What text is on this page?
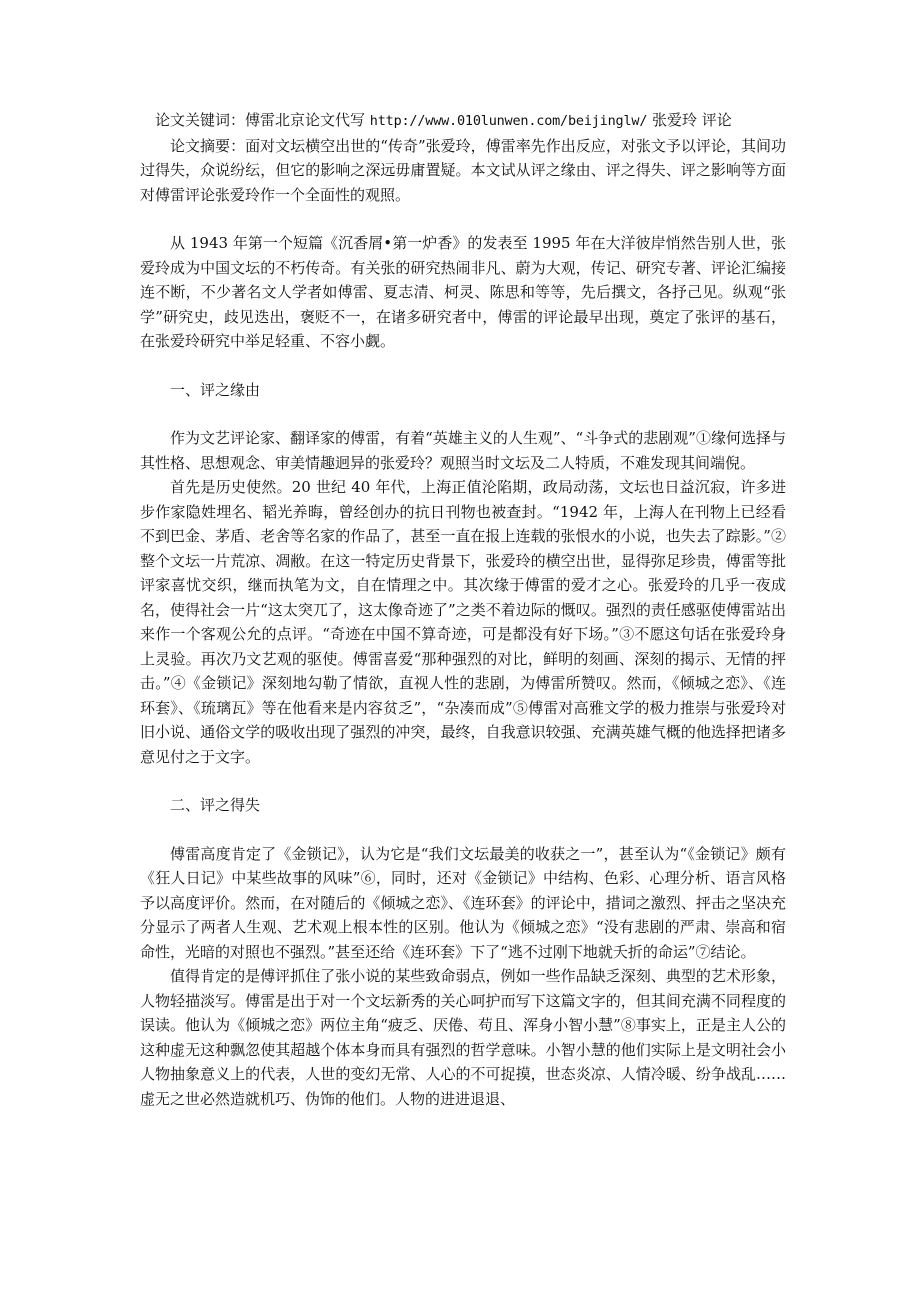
论文关键词：傅雷北京论文代写 http://www.010lunwen.com/beijinglw/ 张爱玲 评论

论文摘要：面对文坛横空出世的“传奇”张爱玲，傅雷率先作出反应，对张文予以评论，其间功过得失，众说纷纭，但它的影响之深远毋庸置疑。本文试从评之缘由、评之得失、评之影响等方面对傅雷评论张爱玲作一个全面性的观照。

从 1943 年第一个短篇《沉香屑•第一炉香》的发表至 1995 年在大洋彼岸悄然告别人世，张爱玲成为中国文坛的不朽传奇。有关张的研究热闹非凡、蔚为大观，传记、研究专著、评论汇编接连不断，不少著名文人学者如傅雷、夏志清、柯灵、陈思和等等，先后撰文，各抒己见。纵观“张学”研究史，歧见迭出，褒贬不一，在诸多研究者中，傅雷的评论最早出现，奠定了张评的基石，在张爱玲研究中举足轻重、不容小觑。

一、评之缘由

作为文艺评论家、翻译家的傅雷，有着“英雄主义的人生观”、“斗争式的悲剧观”①缘何选择与其性格、思想观念、审美情趣迥异的张爱玲？观照当时文坛及二人特质，不难发现其间端倪。

首先是历史使然。20 世纪 40 年代，上海正值沦陷期，政局动荡，文坛也日益沉寂，许多进步作家隐姓埋名、韬光养晦，曾经创办的抗日刊物也被查封。“1942 年，上海人在刊物上已经看不到巴金、茅盾、老舍等名家的作品了，甚至一直在报上连载的张恨水的小说，也失去了踪影。”②整个文坛一片荒凉、凋敝。在这一特定历史背景下，张爱玲的横空出世，显得弥足珍贵，傅雷等批评家喜忧交织，继而执笔为文，自在情理之中。其次缘于傅雷的爱才之心。张爱玲的几乎一夜成名，使得社会一片“这太突兀了，这太像奇迹了”之类不着边际的慨叹。强烈的责任感驱使傅雷站出来作一个客观公允的点评。“奇迹在中国不算奇迹，可是都没有好下场。”③不愿这句话在张爱玲身上灵验。再次乃文艺观的驱使。傅雷喜爱“那种强烈的对比，鲜明的刻画、深刻的揭示、无情的抨击。”④《金锁记》深刻地勾勒了情欲，直视人性的悲剧，为傅雷所赞叹。然而，《倾城之恋》、《连环套》、《琉璃瓦》等在他看来是内容贫乏”，“杂凑而成”⑤傅雷对高雅文学的极力推崇与张爱玲对旧小说、通俗文学的吸收出现了强烈的冲突，最终，自我意识较强、充满英雄气概的他选择把诸多意见付之于文字。

二、评之得失

傅雷高度肯定了《金锁记》，认为它是“我们文坛最美的收获之一”，甚至认为“《金锁记》颇有《狂人日记》中某些故事的风味”⑥，同时，还对《金锁记》中结构、色彩、心理分析、语言风格予以高度评价。然而，在对随后的《倾城之恋》、《连环套》的评论中，措词之激烈、抨击之坚决充分显示了两者人生观、艺术观上根本性的区别。他认为《倾城之恋》“没有悲剧的严肃、崇高和宿命性，光暗的对照也不强烈。”甚至还给《连环套》下了“逃不过刚下地就夭折的命运”⑦结论。

值得肯定的是傅评抓住了张小说的某些致命弱点，例如一些作品缺乏深刻、典型的艺术形象，人物轻描淡写。傅雷是出于对一个文坛新秀的关心呵护而写下这篇文字的，但其间充满不同程度的误读。他认为《倾城之恋》两位主角“疲乏、厌倦、苟且、浑身小智小慧”⑧事实上，正是主人公的这种虚无这种飘忽使其超越个体本身而具有强烈的哲学意味。小智小慧的他们实际上是文明社会小人物抽象意义上的代表，人世的变幻无常、人心的不可捉摸，世态炎凉、人情冷暖、纷争战乱……虚无之世必然造就机巧、伪饰的他们。人物的进进退退、
